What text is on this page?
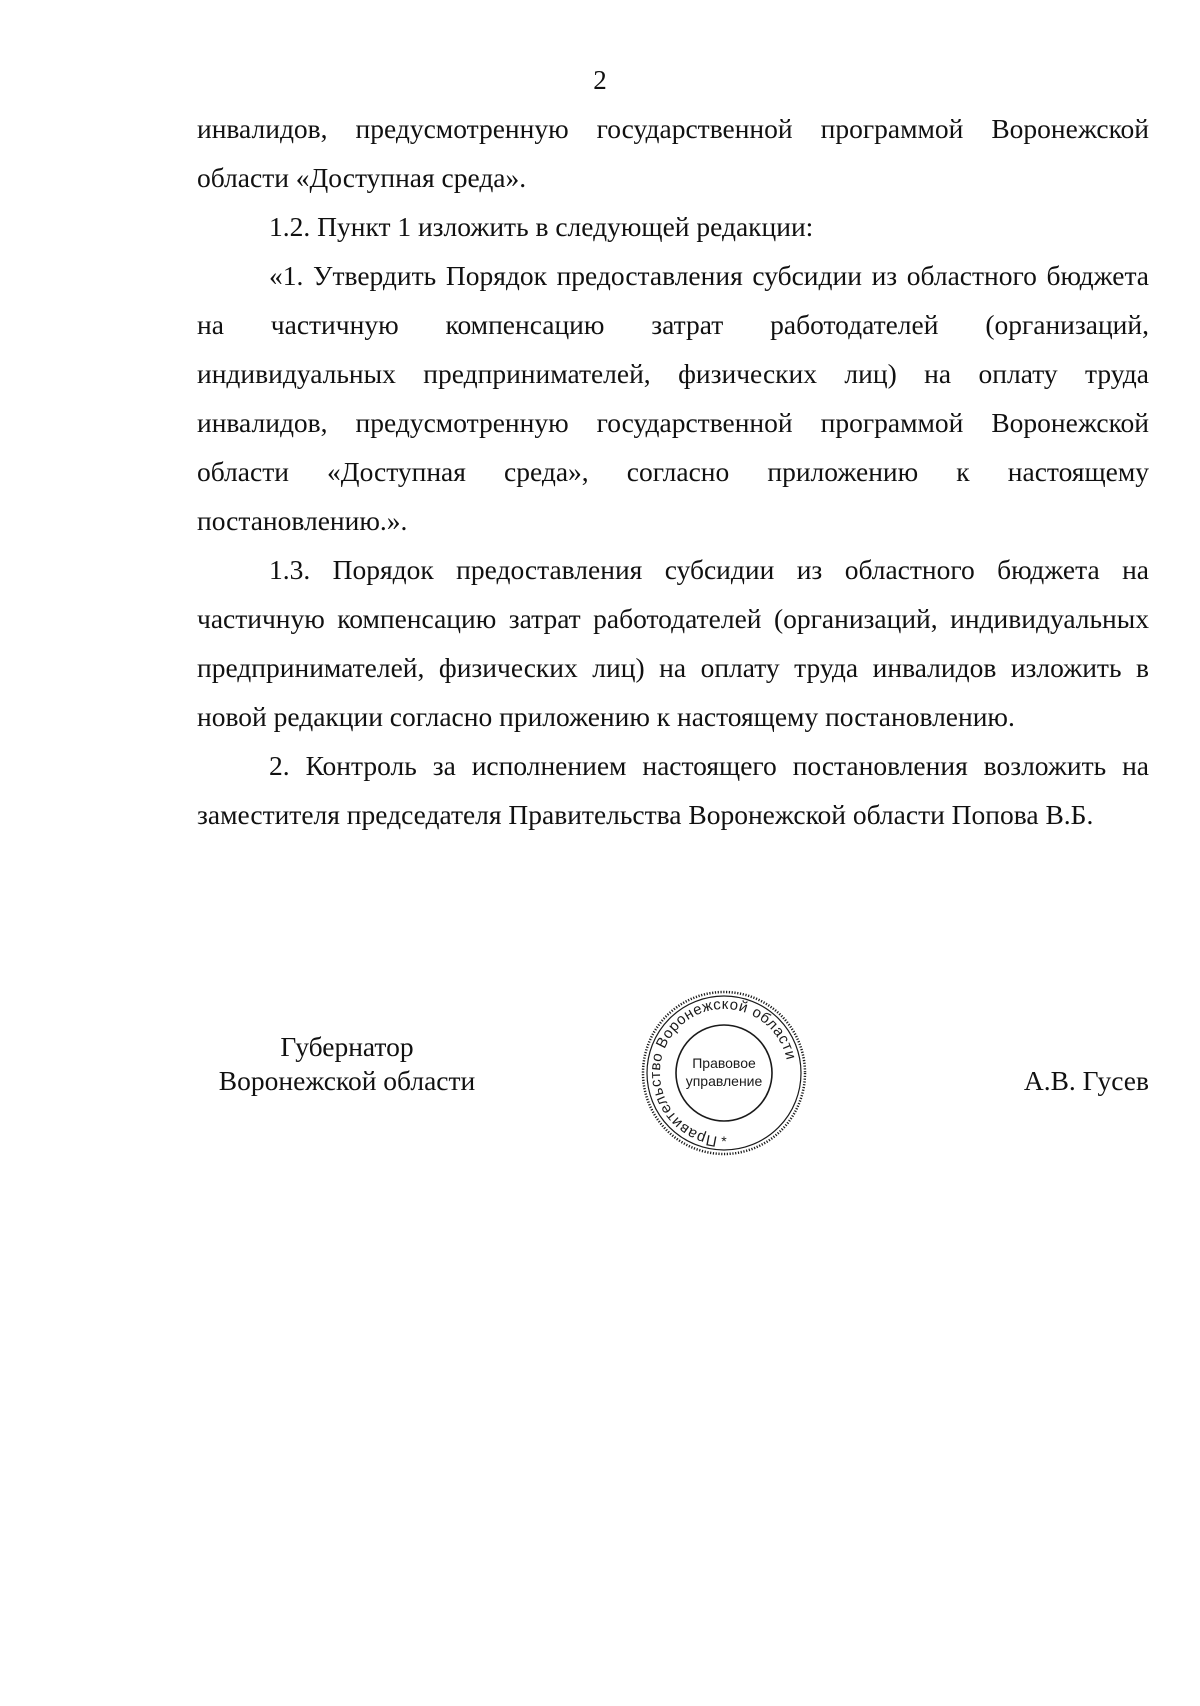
2

инвалидов, предусмотренную государственной программой Воронежской области «Доступная среда».

1.2. Пункт 1 изложить в следующей редакции:

«1. Утвердить Порядок предоставления субсидии из областного бюджета на частичную компенсацию затрат работодателей (организаций, индивидуальных предпринимателей, физических лиц) на оплату труда инвалидов, предусмотренную государственной программой Воронежской области «Доступная среда», согласно приложению к настоящему постановлению.».

1.3. Порядок предоставления субсидии из областного бюджета на частичную компенсацию затрат работодателей (организаций, индивидуальных предпринимателей, физических лиц) на оплату труда инвалидов изложить в новой редакции согласно приложению к настоящему постановлению.

2. Контроль за исполнением настоящего постановления возложить на заместителя председателя Правительства Воронежской области Попова В.Б.

Губернатор
Воронежской области
Правительство Воронежской области
Правовое
управление
*
А.В. Гусев
